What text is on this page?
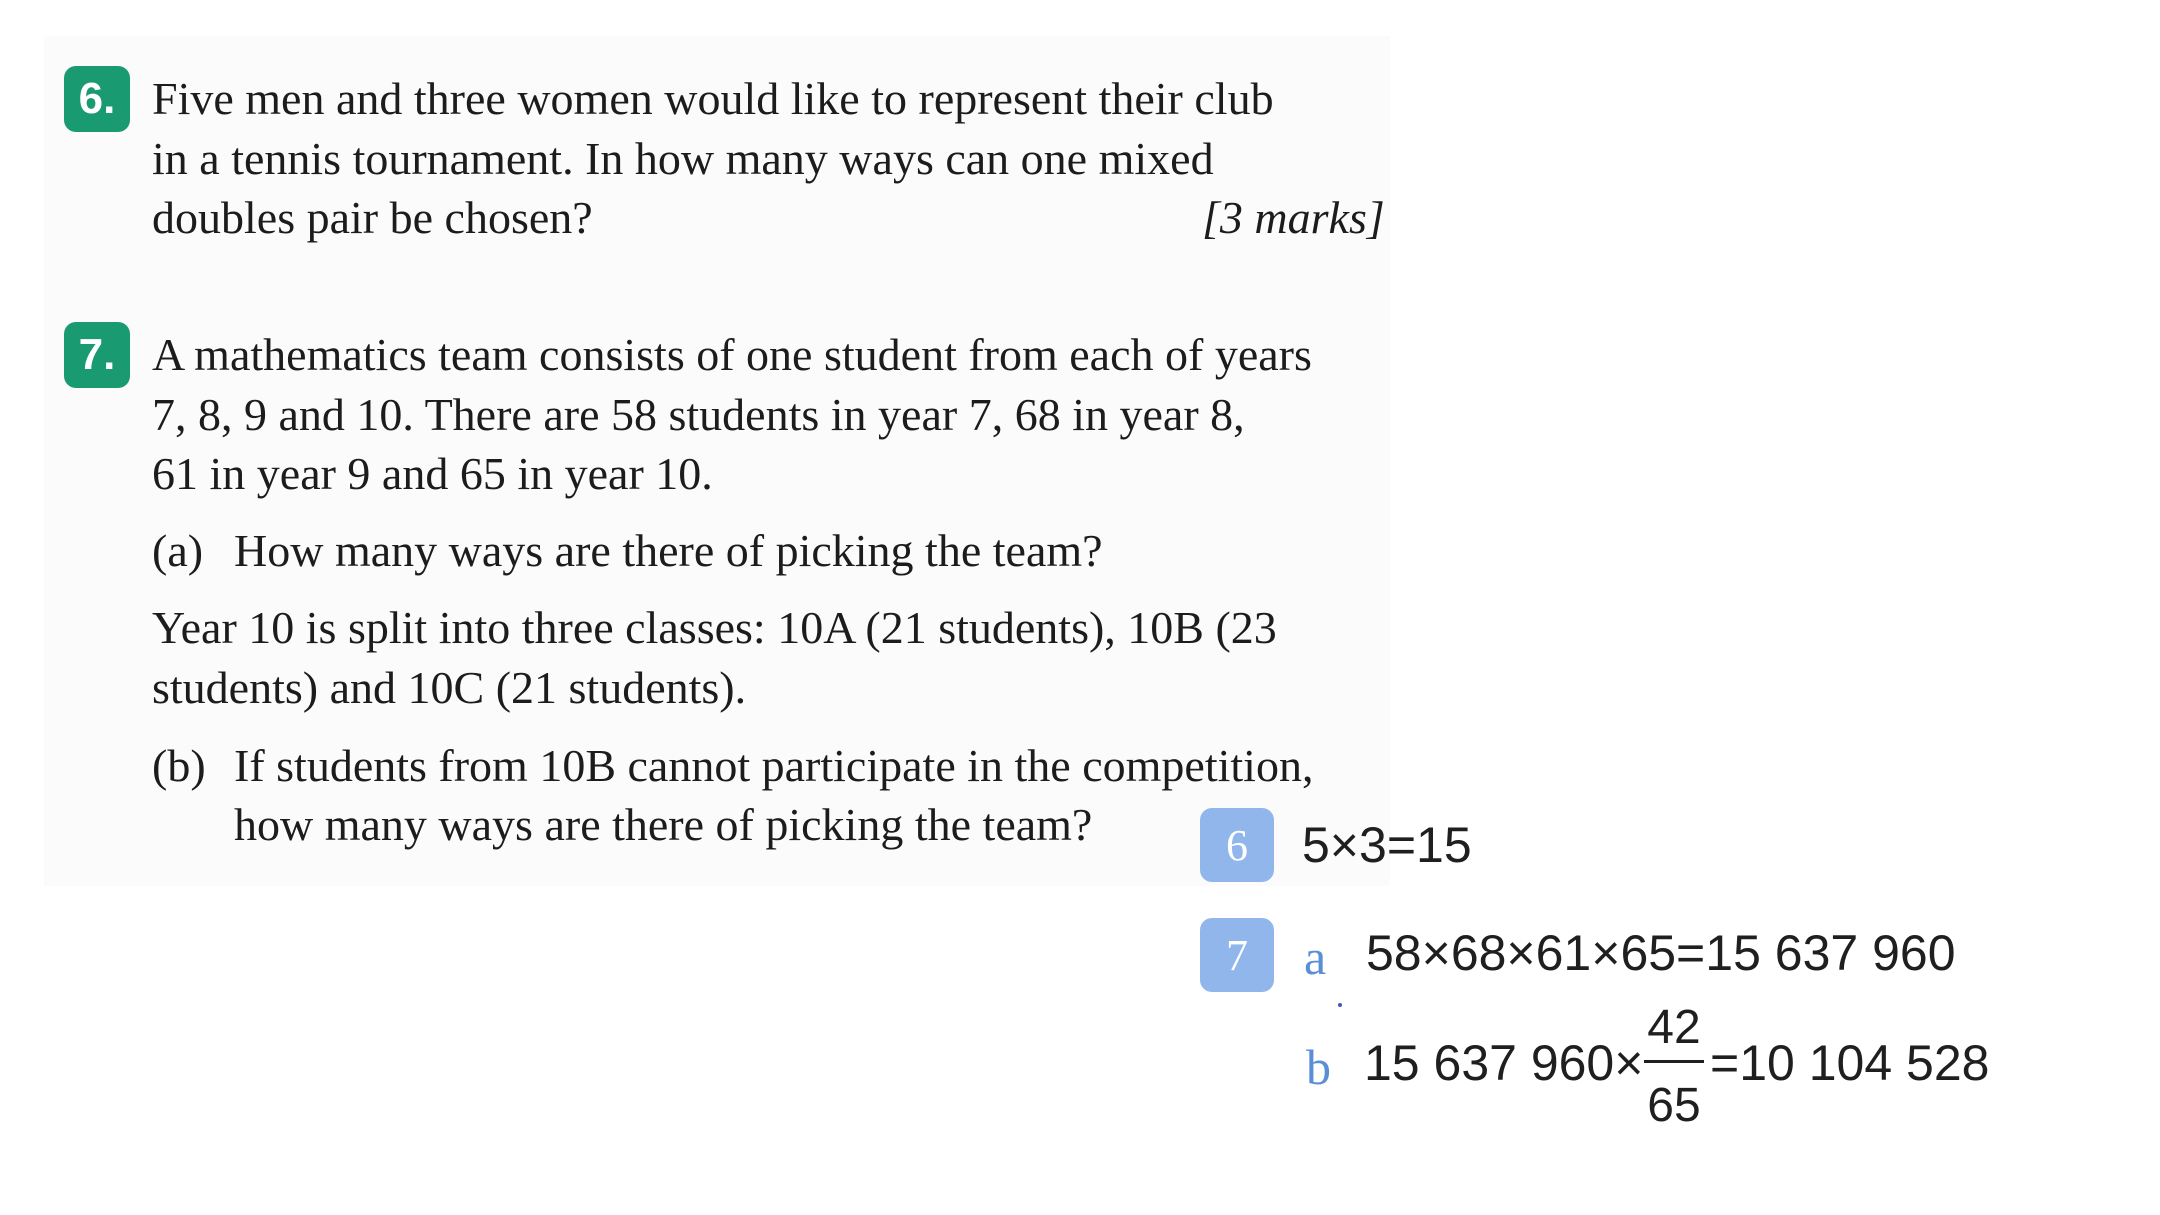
6. Five men and three women would like to represent their club
in a tennis tournament. In how many ways can one mixed
doubles pair be chosen?	[3 marks]
7. A mathematics team consists of one student from each of years
7, 8, 9 and 10. There are 58 students in year 7, 68 in year 8,
61 in year 9 and 65 in year 10.
(a) How many ways are there of picking the team?
Year 10 is split into three classes: 10A (21 students), 10B (23
students) and 10C (21 students).
(b) If students from 10B cannot participate in the competition,
how many ways are there of picking the team?	6	5×3=15
7	a 58×68×61×65=15 637 960
b 15 637 960×
42
65
=10 104 528
